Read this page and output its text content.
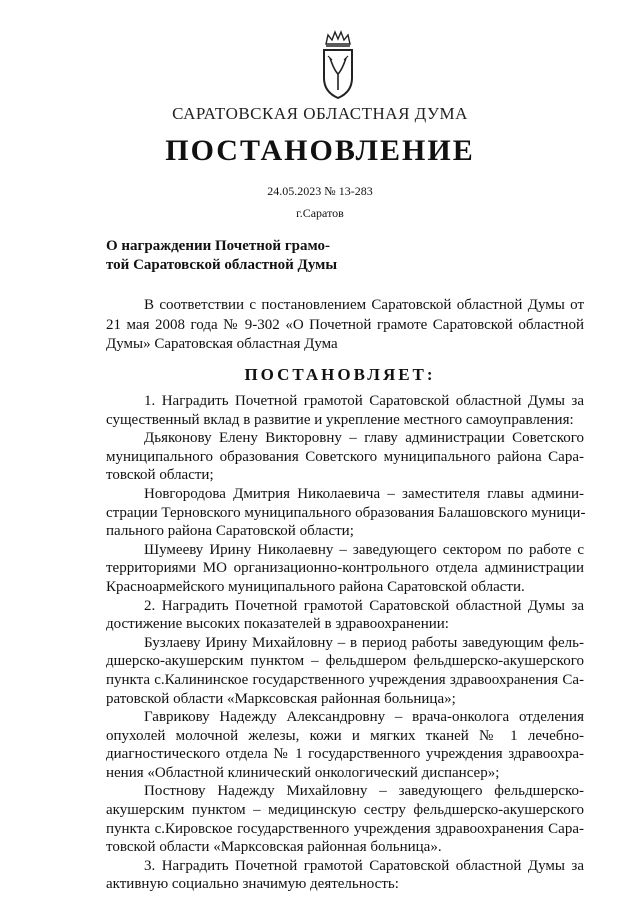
САРАТОВСКАЯ ОБЛАСТНАЯ ДУМА
ПОСТАНОВЛЕНИЕ
24.05.2023 № 13-283
г.Саратов
О награждении Почетной грамо-
той Саратовской областной Думы
В соответствии с постановлением Саратовской областной Думы от
21 мая 2008 года № 9-302 «О Почетной грамоте Саратовской областной
Думы» Саратовская областная Дума
ПОСТАНОВЛЯЕТ:
1. Наградить Почетной грамотой Саратовской областной Думы за
существенный вклад в развитие и укрепление местного самоуправления:
Дьяконову Елену Викторовну – главу администрации Советского
муниципального образования Советского муниципального района Сара-
товской области;
Новгородова Дмитрия Николаевича – заместителя главы админи-
страции Терновского муниципального образования Балашовского муници-
пального района Саратовской области;
Шумееву Ирину Николаевну – заведующего сектором по работе с
территориями МО организационно-контрольного отдела администрации
Красноармейского муниципального района Саратовской области.
2. Наградить Почетной грамотой Саратовской областной Думы за
достижение высоких показателей в здравоохранении:
Бузлаеву Ирину Михайловну – в период работы заведующим фель-
дшерско-акушерским пунктом – фельдшером фельдшерско-акушерского
пункта с.Калининское государственного учреждения здравоохранения Са-
ратовской области «Марксовская районная больница»;
Гаврикову Надежду Александровну – врача-онколога отделения
опухолей молочной железы, кожи и мягких тканей № 1 лечебно-
диагностического отдела № 1 государственного учреждения здравоохра-
нения «Областной клинический онкологический диспансер»;
Постнову Надежду Михайловну – заведующего фельдшерско-
акушерским пунктом – медицинскую сестру фельдшерско-акушерского
пункта с.Кировское государственного учреждения здравоохранения Сара-
товской области «Марксовская районная больница».
3. Наградить Почетной грамотой Саратовской областной Думы за
активную социально значимую деятельность:
